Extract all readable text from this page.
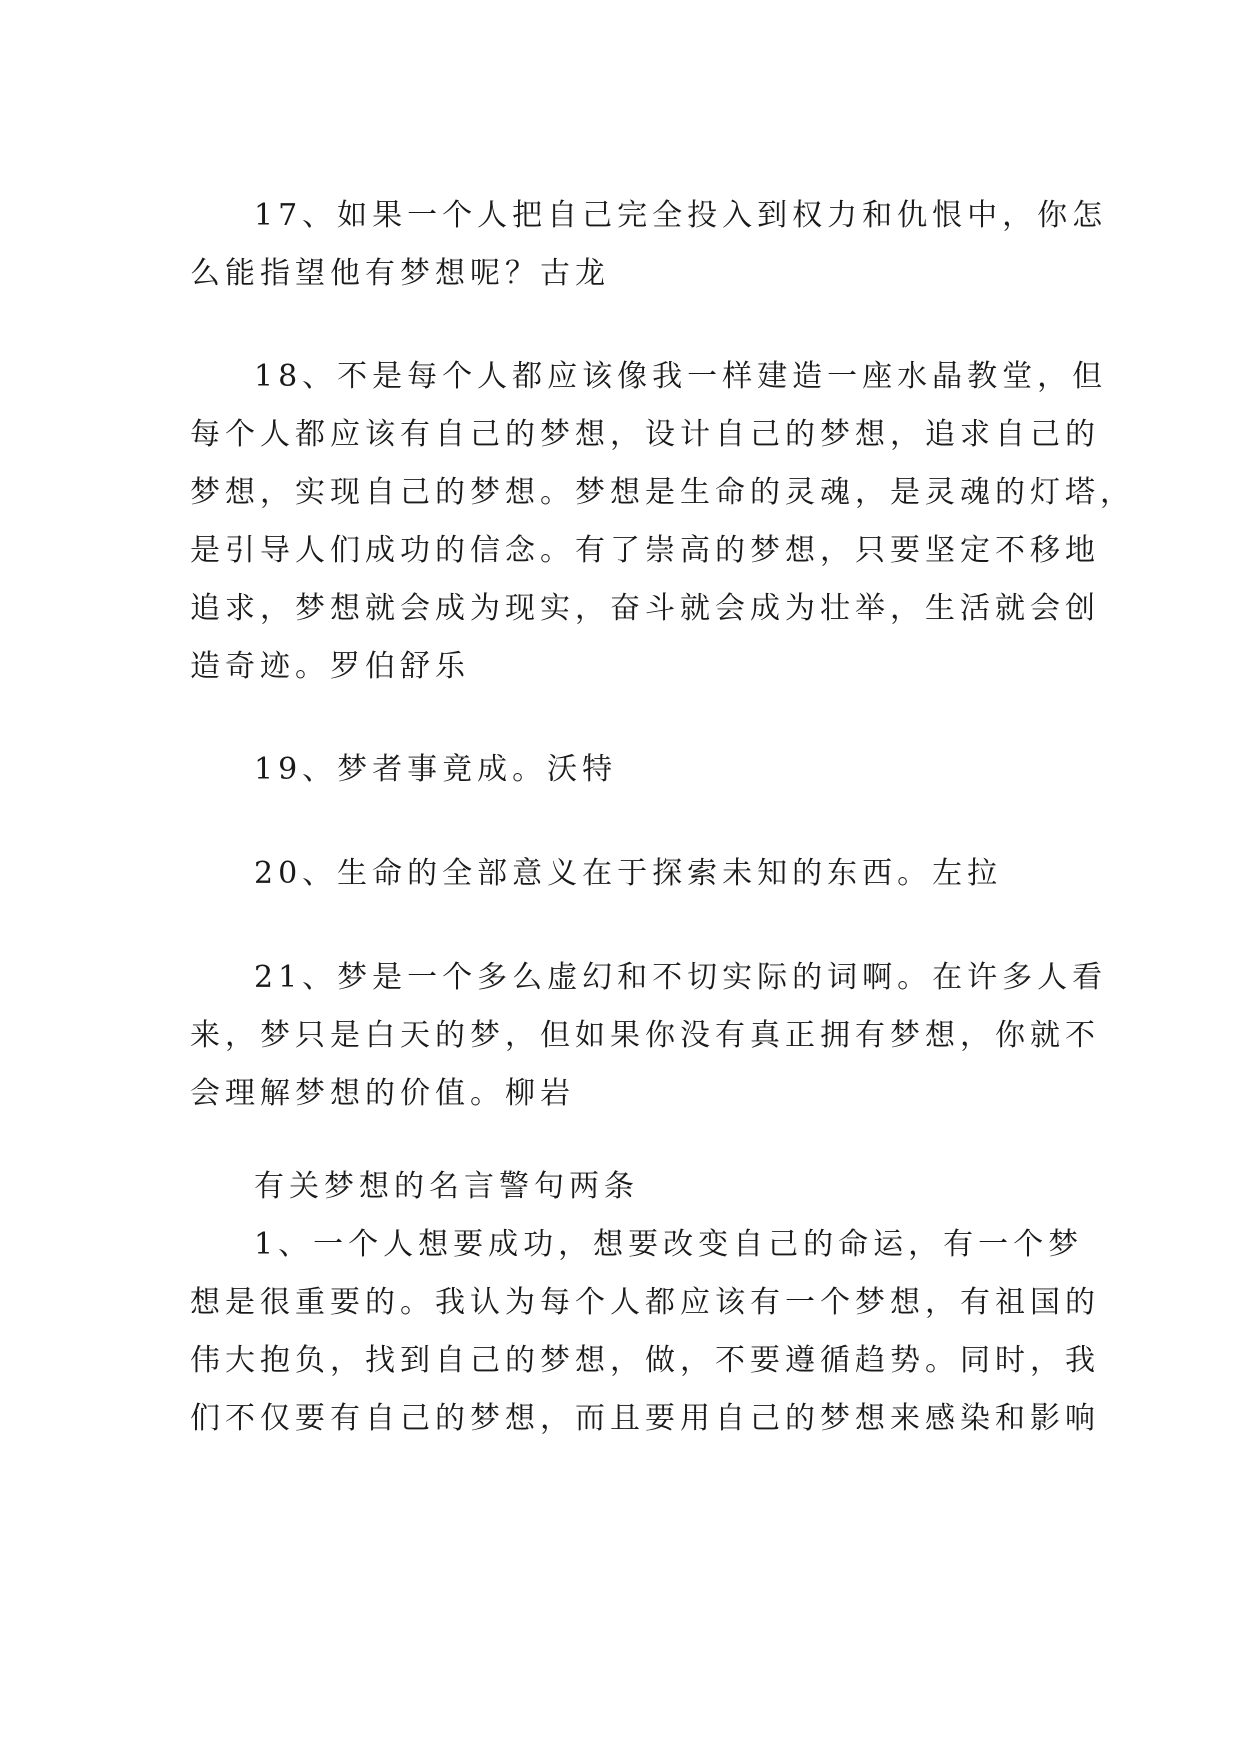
17、如果一个人把自己完全投入到权力和仇恨中，你怎
么能指望他有梦想呢？古龙
18、不是每个人都应该像我一样建造一座水晶教堂，但
每个人都应该有自己的梦想，设计自己的梦想，追求自己的
梦想，实现自己的梦想。梦想是生命的灵魂，是灵魂的灯塔，
是引导人们成功的信念。有了崇高的梦想，只要坚定不移地
追求，梦想就会成为现实，奋斗就会成为壮举，生活就会创
造奇迹。罗伯舒乐
19、梦者事竟成。沃特
20、生命的全部意义在于探索未知的东西。左拉
21、梦是一个多么虚幻和不切实际的词啊。在许多人看
来，梦只是白天的梦，但如果你没有真正拥有梦想，你就不
会理解梦想的价值。柳岩
有关梦想的名言警句两条
1、一个人想要成功，想要改变自己的命运，有一个梦
想是很重要的。我认为每个人都应该有一个梦想，有祖国的
伟大抱负，找到自己的梦想，做，不要遵循趋势。同时，我
们不仅要有自己的梦想，而且要用自己的梦想来感染和影响
